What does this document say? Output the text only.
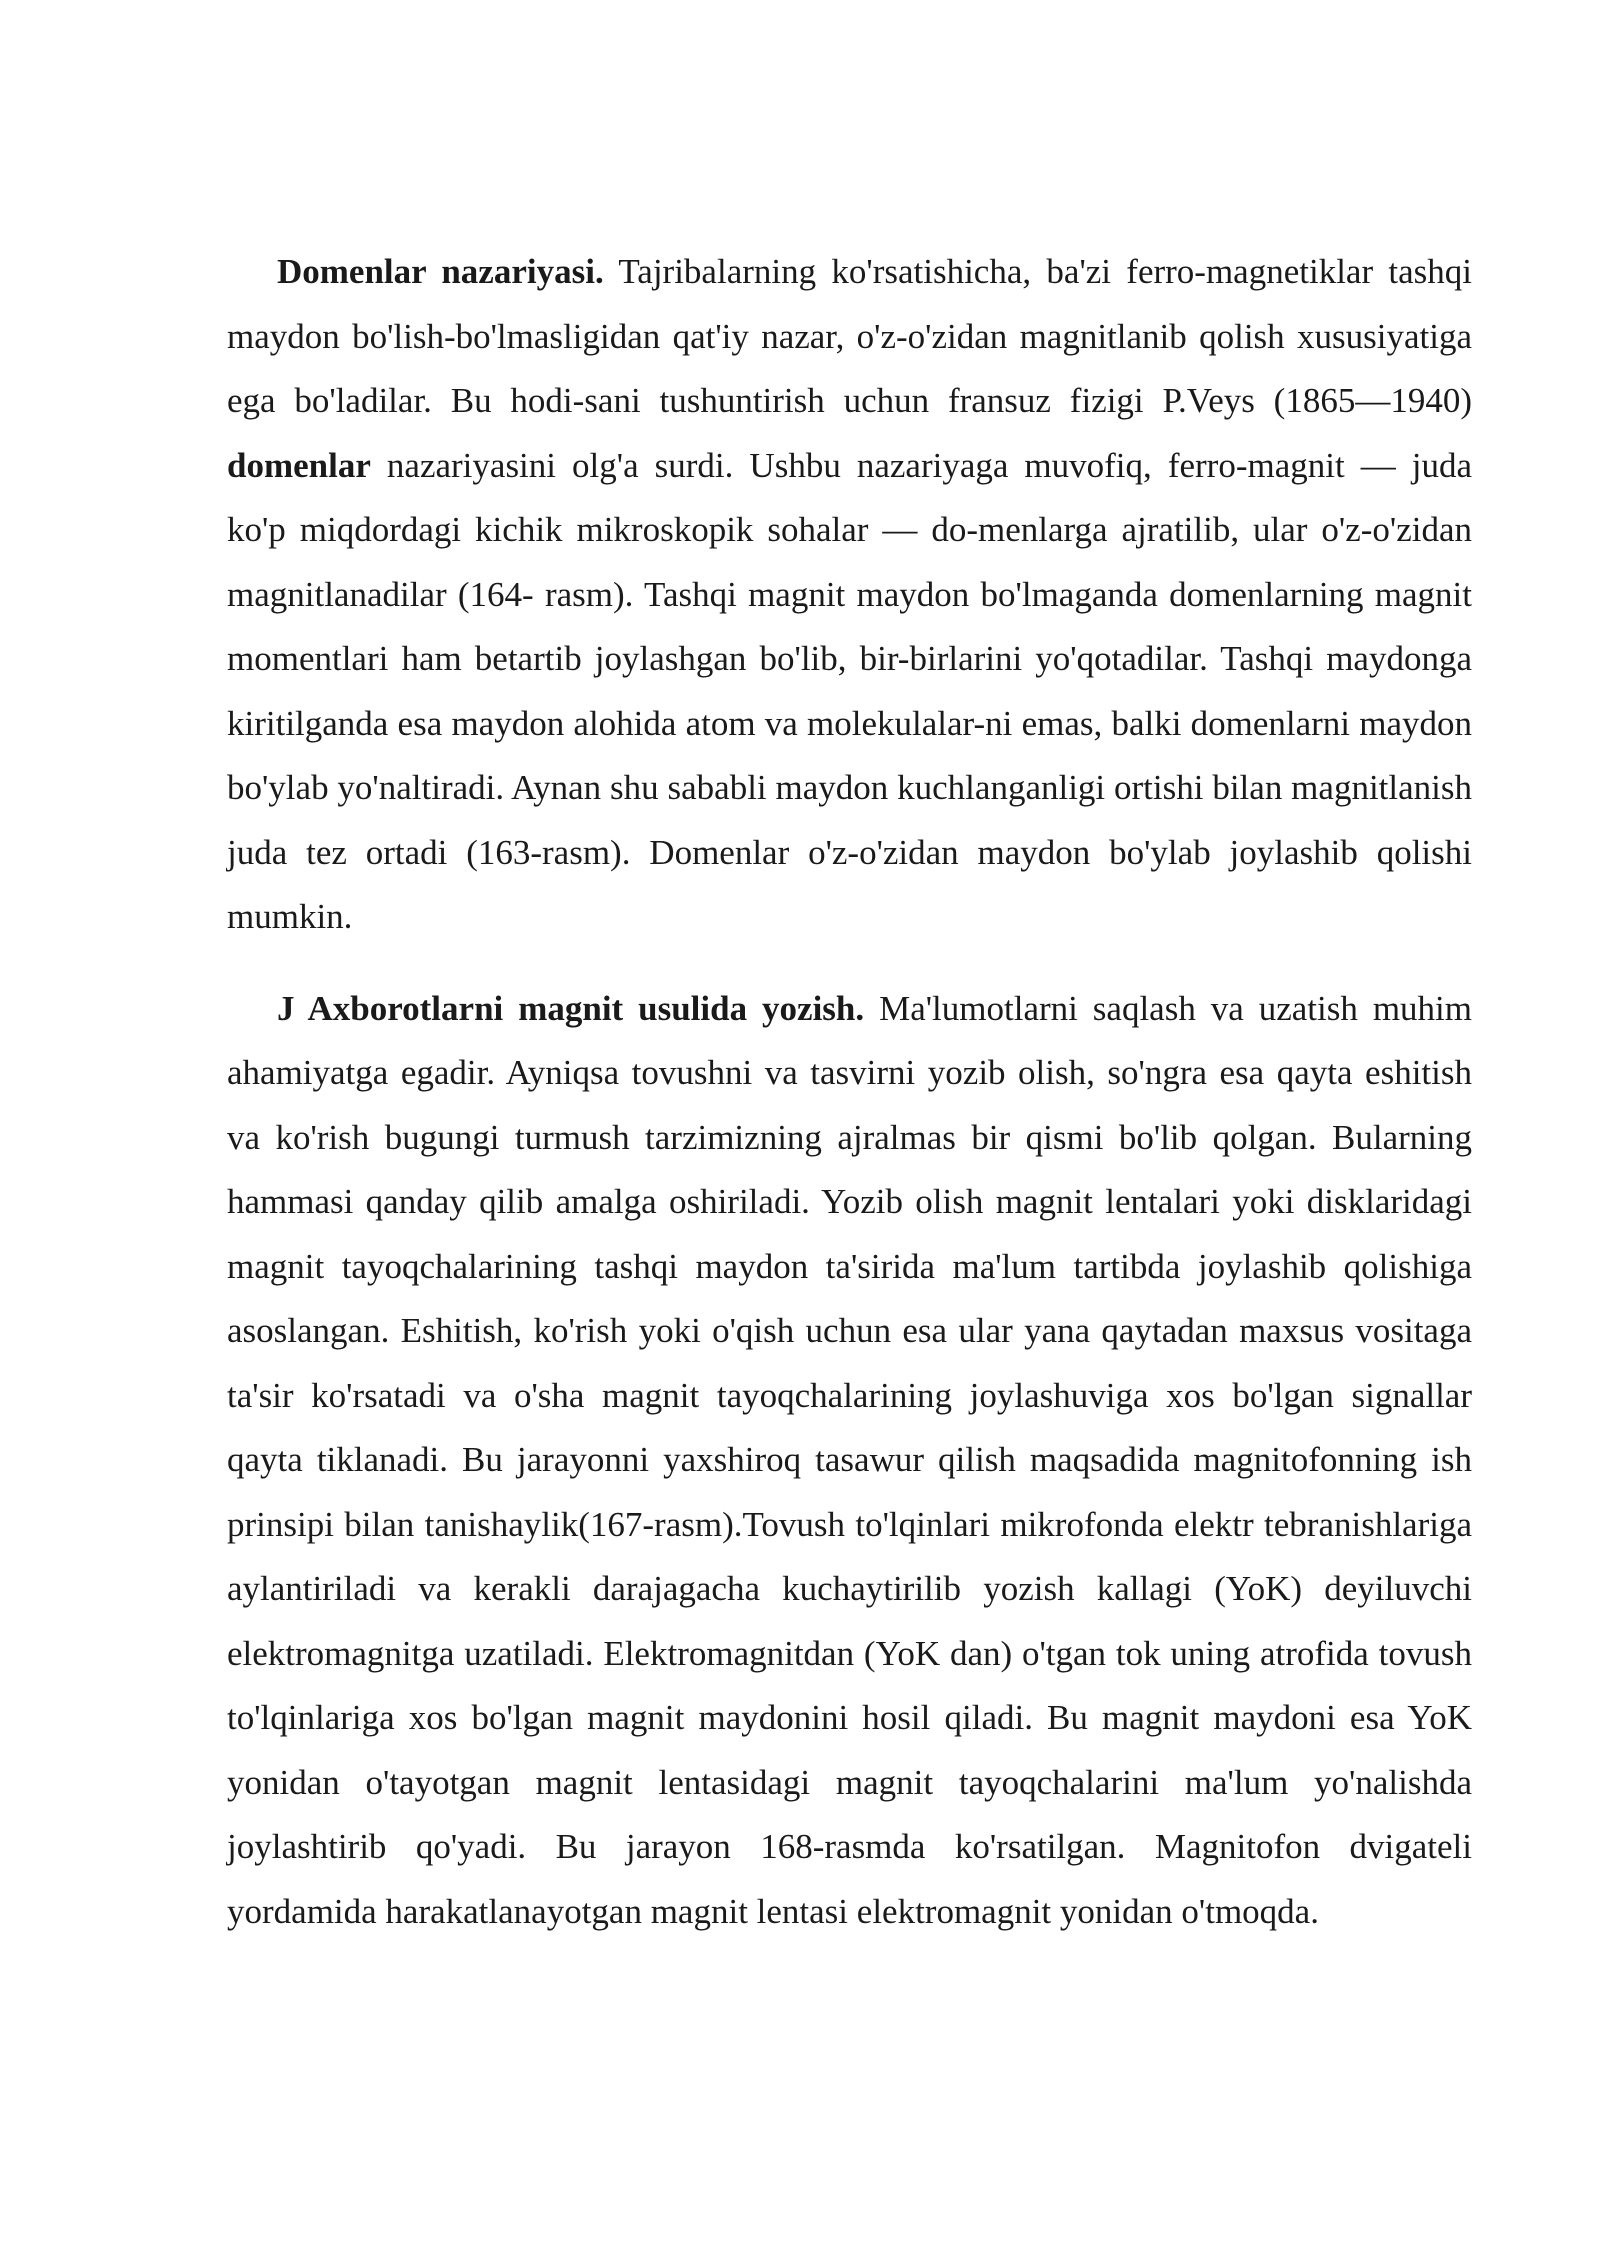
Domenlar nazariyasi. Tajribalarning ko'rsatishicha, ba'zi ferro-magnetiklar tashqi maydon bo'lish-bo'lmasligidan qat'iy nazar, o'z-o'zidan magnitlanib qolish xususiyatiga ega bo'ladilar. Bu hodi-sani tushuntirish uchun fransuz fizigi P.Veys (1865—1940) domenlar nazariyasini olg'a surdi. Ushbu nazariyaga muvofiq, ferro-magnit — juda ko'p miqdordagi kichik mikroskopik sohalar — do-menlarga ajratilib, ular o'z-o'zidan magnitlanadilar (164- rasm). Tashqi magnit maydon bo'lmaganda domenlarning magnit momentlari ham betartib joylashgan bo'lib, bir-birlarini yo'qotadilar. Tashqi maydonga kiritilganda esa maydon alohida atom va molekulalar-ni emas, balki domenlarni maydon bo'ylab yo'naltiradi. Aynan shu sababli maydon kuchlanganligi ortishi bilan magnitlanish juda tez ortadi (163-rasm). Domenlar o'z-o'zidan maydon bo'ylab joylashib qolishi mumkin.

J Axborotlarni magnit usulida yozish. Ma'lumotlarni saqlash va uzatish muhim ahamiyatga egadir. Ayniqsa tovushni va tasvirni yozib olish, so'ngra esa qayta eshitish va ko'rish bugungi turmush tarzimizning ajralmas bir qismi bo'lib qolgan. Bularning hammasi qanday qilib amalga oshiriladi. Yozib olish magnit lentalari yoki disklaridagi magnit tayoqchalarining tashqi maydon ta'sirida ma'lum tartibda joylashib qolishiga asoslangan. Eshitish, ko'rish yoki o'qish uchun esa ular yana qaytadan maxsus vositaga ta'sir ko'rsatadi va o'sha magnit tayoqchalarining joylashuviga xos bo'lgan signallar qayta tiklanadi. Bu jarayonni yaxshiroq tasawur qilish maqsadida magnitofonning ish prinsipi bilan tanishaylik(167-rasm).Tovush to'lqinlari mikrofonda elektr tebranishlariga aylantiriladi va kerakli darajagacha kuchaytirilib yozish kallagi (YoK) deyiluvchi elektromagnitga uzatiladi. Elektromagnitdan (YoK dan) o'tgan tok uning atrofida tovush to'lqinlariga xos bo'lgan magnit maydonini hosil qiladi. Bu magnit maydoni esa YoK yonidan o'tayotgan magnit lentasidagi magnit tayoqchalarini ma'lum yo'nalishda joylashtirib qo'yadi. Bu jarayon 168-rasmda ko'rsatilgan. Magnitofon dvigateli yordamida harakatlanayotgan magnit lentasi elektromagnit yonidan o'tmoqda.
